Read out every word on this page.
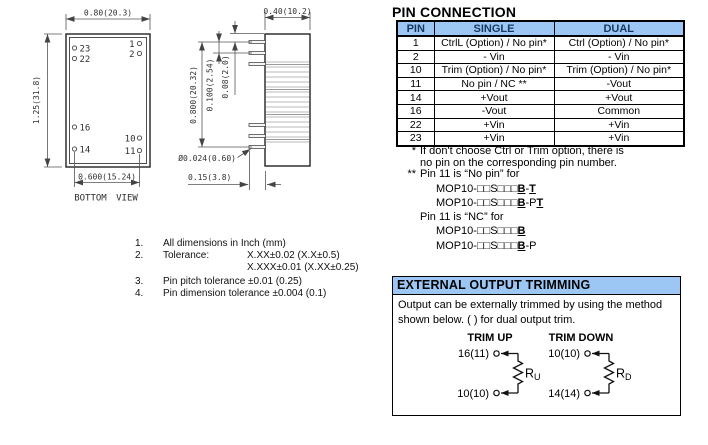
1
2
23
22
16
14
10
11
0.80(20.3)
1.25(31.8)
0.600(15.24)
BOTTOM VIEW
0.40(10.2)
0.800(20.32) 0.100(2.54) 0.08(2.0)
Ø0.024(0.60)
0.15(3.8)
1. All dimensions in Inch (mm)
2. Tolerance:	X.XX±0.02 (X.X±0.5)
X.XXX±0.01 (X.XX±0.25)
3. Pin pitch tolerance ±0.01 (0.25)
4. Pin dimension tolerance ±0.004 (0.1)
PIN CONNECTION
PIN	SINGLE	DUAL
1	CtrlL (Option) / No pin*	Ctrl (Option) / No pin*
2	- Vin	- Vin
10	Trim (Option) / No pin*	Trim (Option) / No pin*
11	No pin / NC **	-Vout
14	+Vout	+Vout
16	-Vout	Common
22	+Vin	+Vin
23	+Vin	+Vin
* If don't choose Ctrl or Trim option, there is
no pin on the corresponding pin number.
** Pin 11 is “No pin” for
MOP10-□□S□□□B-T
MOP10-□□S□□□B-PT
Pin 11 is “NC” for
MOP10-□□S□□□B
MOP10-□□S□□□B-P
EXTERNAL OUTPUT TRIMMING
Output can be externally trimmed by using the method
shown below. ( ) for dual output trim.
TRIM UP
16(11)
10(10)
$R_U$
TRIM DOWN
10(10)
14(14)
$R_D$
